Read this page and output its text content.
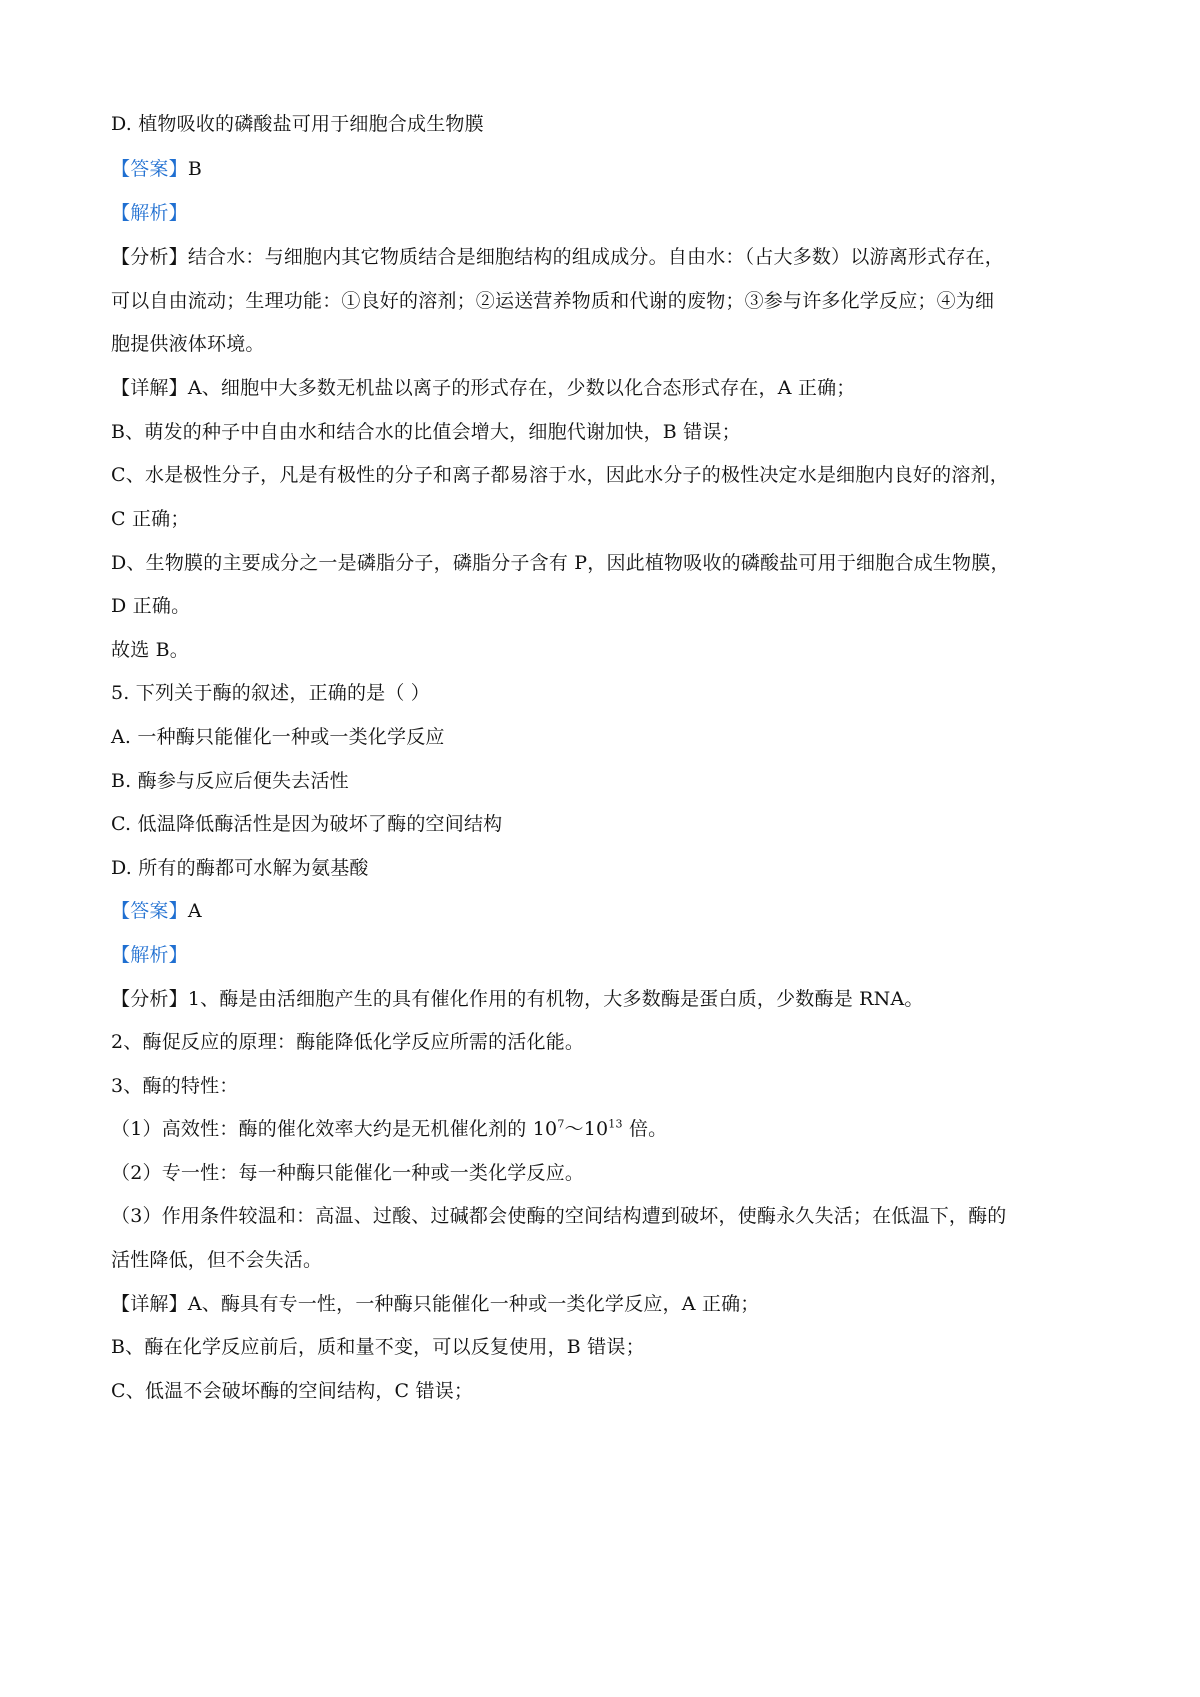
D. 植物吸收的磷酸盐可用于细胞合成生物膜
【答案】B
【解析】
【分析】结合水：与细胞内其它物质结合是细胞结构的组成成分。自由水：（占大多数）以游离形式存在，
可以自由流动；生理功能：①良好的溶剂；②运送营养物质和代谢的废物；③参与许多化学反应；④为细
胞提供液体环境。
【详解】A、细胞中大多数无机盐以离子的形式存在，少数以化合态形式存在，A 正确；
B、萌发的种子中自由水和结合水的比值会增大，细胞代谢加快，B 错误；
C、水是极性分子，凡是有极性的分子和离子都易溶于水，因此水分子的极性决定水是细胞内良好的溶剂，
C 正确；
D、生物膜的主要成分之一是磷脂分子，磷脂分子含有 P，因此植物吸收的磷酸盐可用于细胞合成生物膜，
D 正确。
故选 B。
5. 下列关于酶的叙述，正确的是（ ）
A. 一种酶只能催化一种或一类化学反应
B. 酶参与反应后便失去活性
C. 低温降低酶活性是因为破坏了酶的空间结构
D. 所有的酶都可水解为氨基酸
【答案】A
【解析】
【分析】1、酶是由活细胞产生的具有催化作用的有机物，大多数酶是蛋白质，少数酶是 RNA。
2、酶促反应的原理：酶能降低化学反应所需的活化能。
3、酶的特性：
（1）高效性：酶的催化效率大约是无机催化剂的 $10^7\sim 10^{13}$ 倍。
（2）专一性：每一种酶只能催化一种或一类化学反应。
（3）作用条件较温和：高温、过酸、过碱都会使酶的空间结构遭到破坏，使酶永久失活；在低温下，酶的
活性降低，但不会失活。
【详解】A、酶具有专一性，一种酶只能催化一种或一类化学反应，A 正确；
B、酶在化学反应前后，质和量不变，可以反复使用，B 错误；
C、低温不会破坏酶的空间结构，C 错误；
